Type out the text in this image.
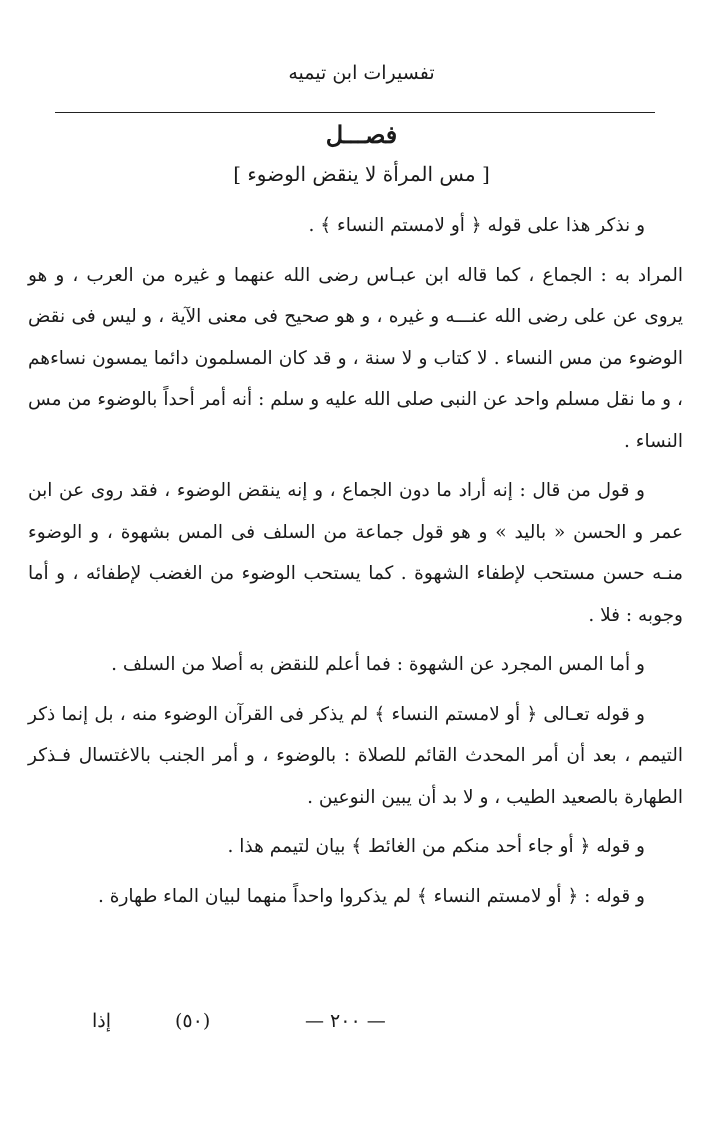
تفسيرات ابن تيميه
فصـــل
[ مس المرأة لا ينقض الوضوء ]

و نذكر هذا على قوله ﴿ أو لامستم النساء ﴾ .

المراد به : الجماع ، كما قاله ابن عبـاس رضى الله عنهما و غيره من العرب ، و هو يروى عن على رضى الله عنـــه و غيره ، و هو صحيح فى معنى الآية ، و ليس فى نقض الوضوء من مس النساء . لا كتاب و لا سنة ، و قد كان المسلمون دائما يمسون نساءهم ، و ما نقل مسلم واحد عن النبى صلى الله عليه و سلم : أنه أمر أحداً بالوضوء من مس النساء .

و قول من قال : إنه أراد ما دون الجماع ، و إنه ينقض الوضوء ، فقد روى عن ابن عمر و الحسن « باليد » و هو قول جماعة من السلف فى المس بشهوة ، و الوضوء منـه حسن مستحب لإطفاء الشهوة . كما يستحب الوضوء من الغضب لإطفائه ، و أما وجوبه : فلا .

و أما المس المجرد عن الشهوة : فما أعلم للنقض به أصلا من السلف .

و قوله تعـالى ﴿ أو لامستم النساء ﴾ لم يذكر فى القرآن الوضوء منه ، بل إنما ذكر التيمم ، بعد أن أمر المحدث القائم للصلاة : بالوضوء ، و أمر الجنب بالاغتسال فـذكر الطهارة بالصعيد الطيب ، و لا بد أن يبين النوعين .

و قوله ﴿ أو جاء أحد منكم من الغائط ﴾ بيان لتيمم هذا .

و قوله : ﴿ أو لامستم النساء ﴾ لم يذكروا واحداً منهما لبيان الماء طهارة .

— ٢٠٠ —
(٥٠)
إذا
